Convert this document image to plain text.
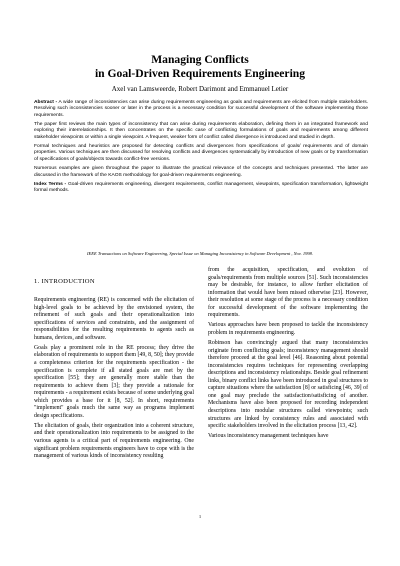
Managing Conflicts
in Goal-Driven Requirements Engineering
Axel van Lamsweerde, Robert Darimont and Emmanuel Letier

Abstract - A wide range of inconsistencies can arise during requirements engineering as goals and requirements are elicited from multiple stakeholders. Resolving such inconsistencies sooner or later in the process is a necessary condition for successful development of the software implementing those requirements.

The paper first reviews the main types of inconsistency that can arise during requirements elaboration, defining them in an integrated framework and exploring their interrelationships. It then concentrates on the specific case of conflicting formulations of goals and requirements among different stakeholder viewpoints or within a single viewpoint. A frequent, weaker form of conflict called divergence is introduced and studied in depth.

Formal techniques and heuristics are proposed for detecting conflicts and divergences from specifications of goals/ requirements and of domain properties. Various techniques are then discussed for resolving conflicts and divergences systematically by introduction of new goals or by transformation of specifications of goals/objects towards conflict-free versions.

Numerous examples are given throughout the paper to illustrate the practical relevance of the concepts and techniques presented. The latter are discussed in the framework of the KAOS methodology for goal-driven requirements engineering.

Index Terms - Goal-driven requirements engineering, divergent requirements, conflict management, viewpoints, specification transformation, lightweight formal methods.

IEEE Transactions on Software Engineering, Special Issue on Managing Inconsistency in Software Development , Nov. 1998.
1. INTRODUCTION

Requirements engineering (RE) is concerned with the elicitation of high-level goals to be achieved by the envisioned system, the refinement of such goals and their operationalization into specifications of services and constraints, and the assignment of responsibilities for the resulting requirements to agents such as humans, devices, and software.

Goals play a prominent role in the RE process; they drive the elaboration of requirements to support them [49, 8, 50]; they provide a completeness criterion for the requirements specification - the specification is complete if all stated goals are met by the specification [55]; they are generally more stable than the requirements to achieve them [3]; they provide a rationale for requirements - a requirement exists because of some underlying goal which provides a base for it [8, 52]. In short, requirements "implement" goals much the same way as programs implement design specifications.

The elicitation of goals, their organization into a coherent structure, and their operationalization into requirements to be assigned to the various agents is a critical part of requirements engineering. One significant problem requirements engineers have to cope with is the management of various kinds of inconsistency resulting

from the acquisition, specification, and evolution of goals/requirements from multiple sources [51]. Such inconsistencies may be desirable, for instance, to allow further elicitation of information that would have been missed otherwise [23]. However, their resolution at some stage of the process is a necessary condition for successful development of the software implementing the requirements.

Various approaches have been proposed to tackle the inconsistency problem in requirements engineering.

Robinson has convincingly argued that many inconsistencies originate from conflicting goals; inconsistency management should therefore proceed at the goal level [46]. Reasoning about potential inconsistencies requires techniques for representing overlapping descriptions and inconsistency relationships. Beside goal refinement links, binary conflict links have been introduced in goal structures to capture situations where the satisfaction [8] or satisficing [46, 39] of one goal may preclude the satisfaction/satisficing of another. Mechanisms have also been proposed for recording independent descriptions into modular structures called viewpoints; such structures are linked by consistency rules and associated with specific stakeholders involved in the elicitation process [13, 42].

Various inconsistency management techniques have

1
